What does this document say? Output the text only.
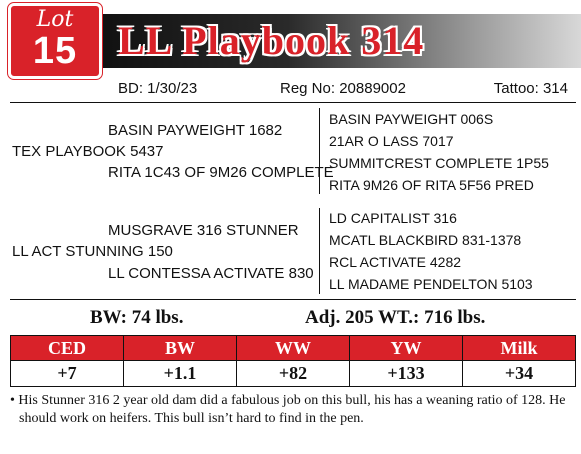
Lot
15	LL Playbook 314
BD: 1/30/23	Reg No: 20889002	Tattoo: 314
BASIN PAYWEIGHT 1682
TEX PLAYBOOK 5437
RITA 1C43 OF 9M26 COMPLETE
BASIN PAYWEIGHT 006S
21AR O LASS 7017
SUMMITCREST COMPLETE 1P55
RITA 9M26 OF RITA 5F56 PRED
MUSGRAVE 316 STUNNER
LL ACT STUNNING 150
LL CONTESSA ACTIVATE 830
LD CAPITALIST 316
MCATL BLACKBIRD 831-1378
RCL ACTIVATE 4282
LL MADAME PENDELTON 5103
BW: 74 lbs.	Adj. 205 WT.: 716 lbs.
CED	BW	WW	YW	Milk
+7	+1.1	+82	+133	+34
• His Stunner 316 2 year old dam did a fabulous job on this bull, his has a weaning ratio of 128. He should work on heifers. This bull isn’t hard to find in the pen.
